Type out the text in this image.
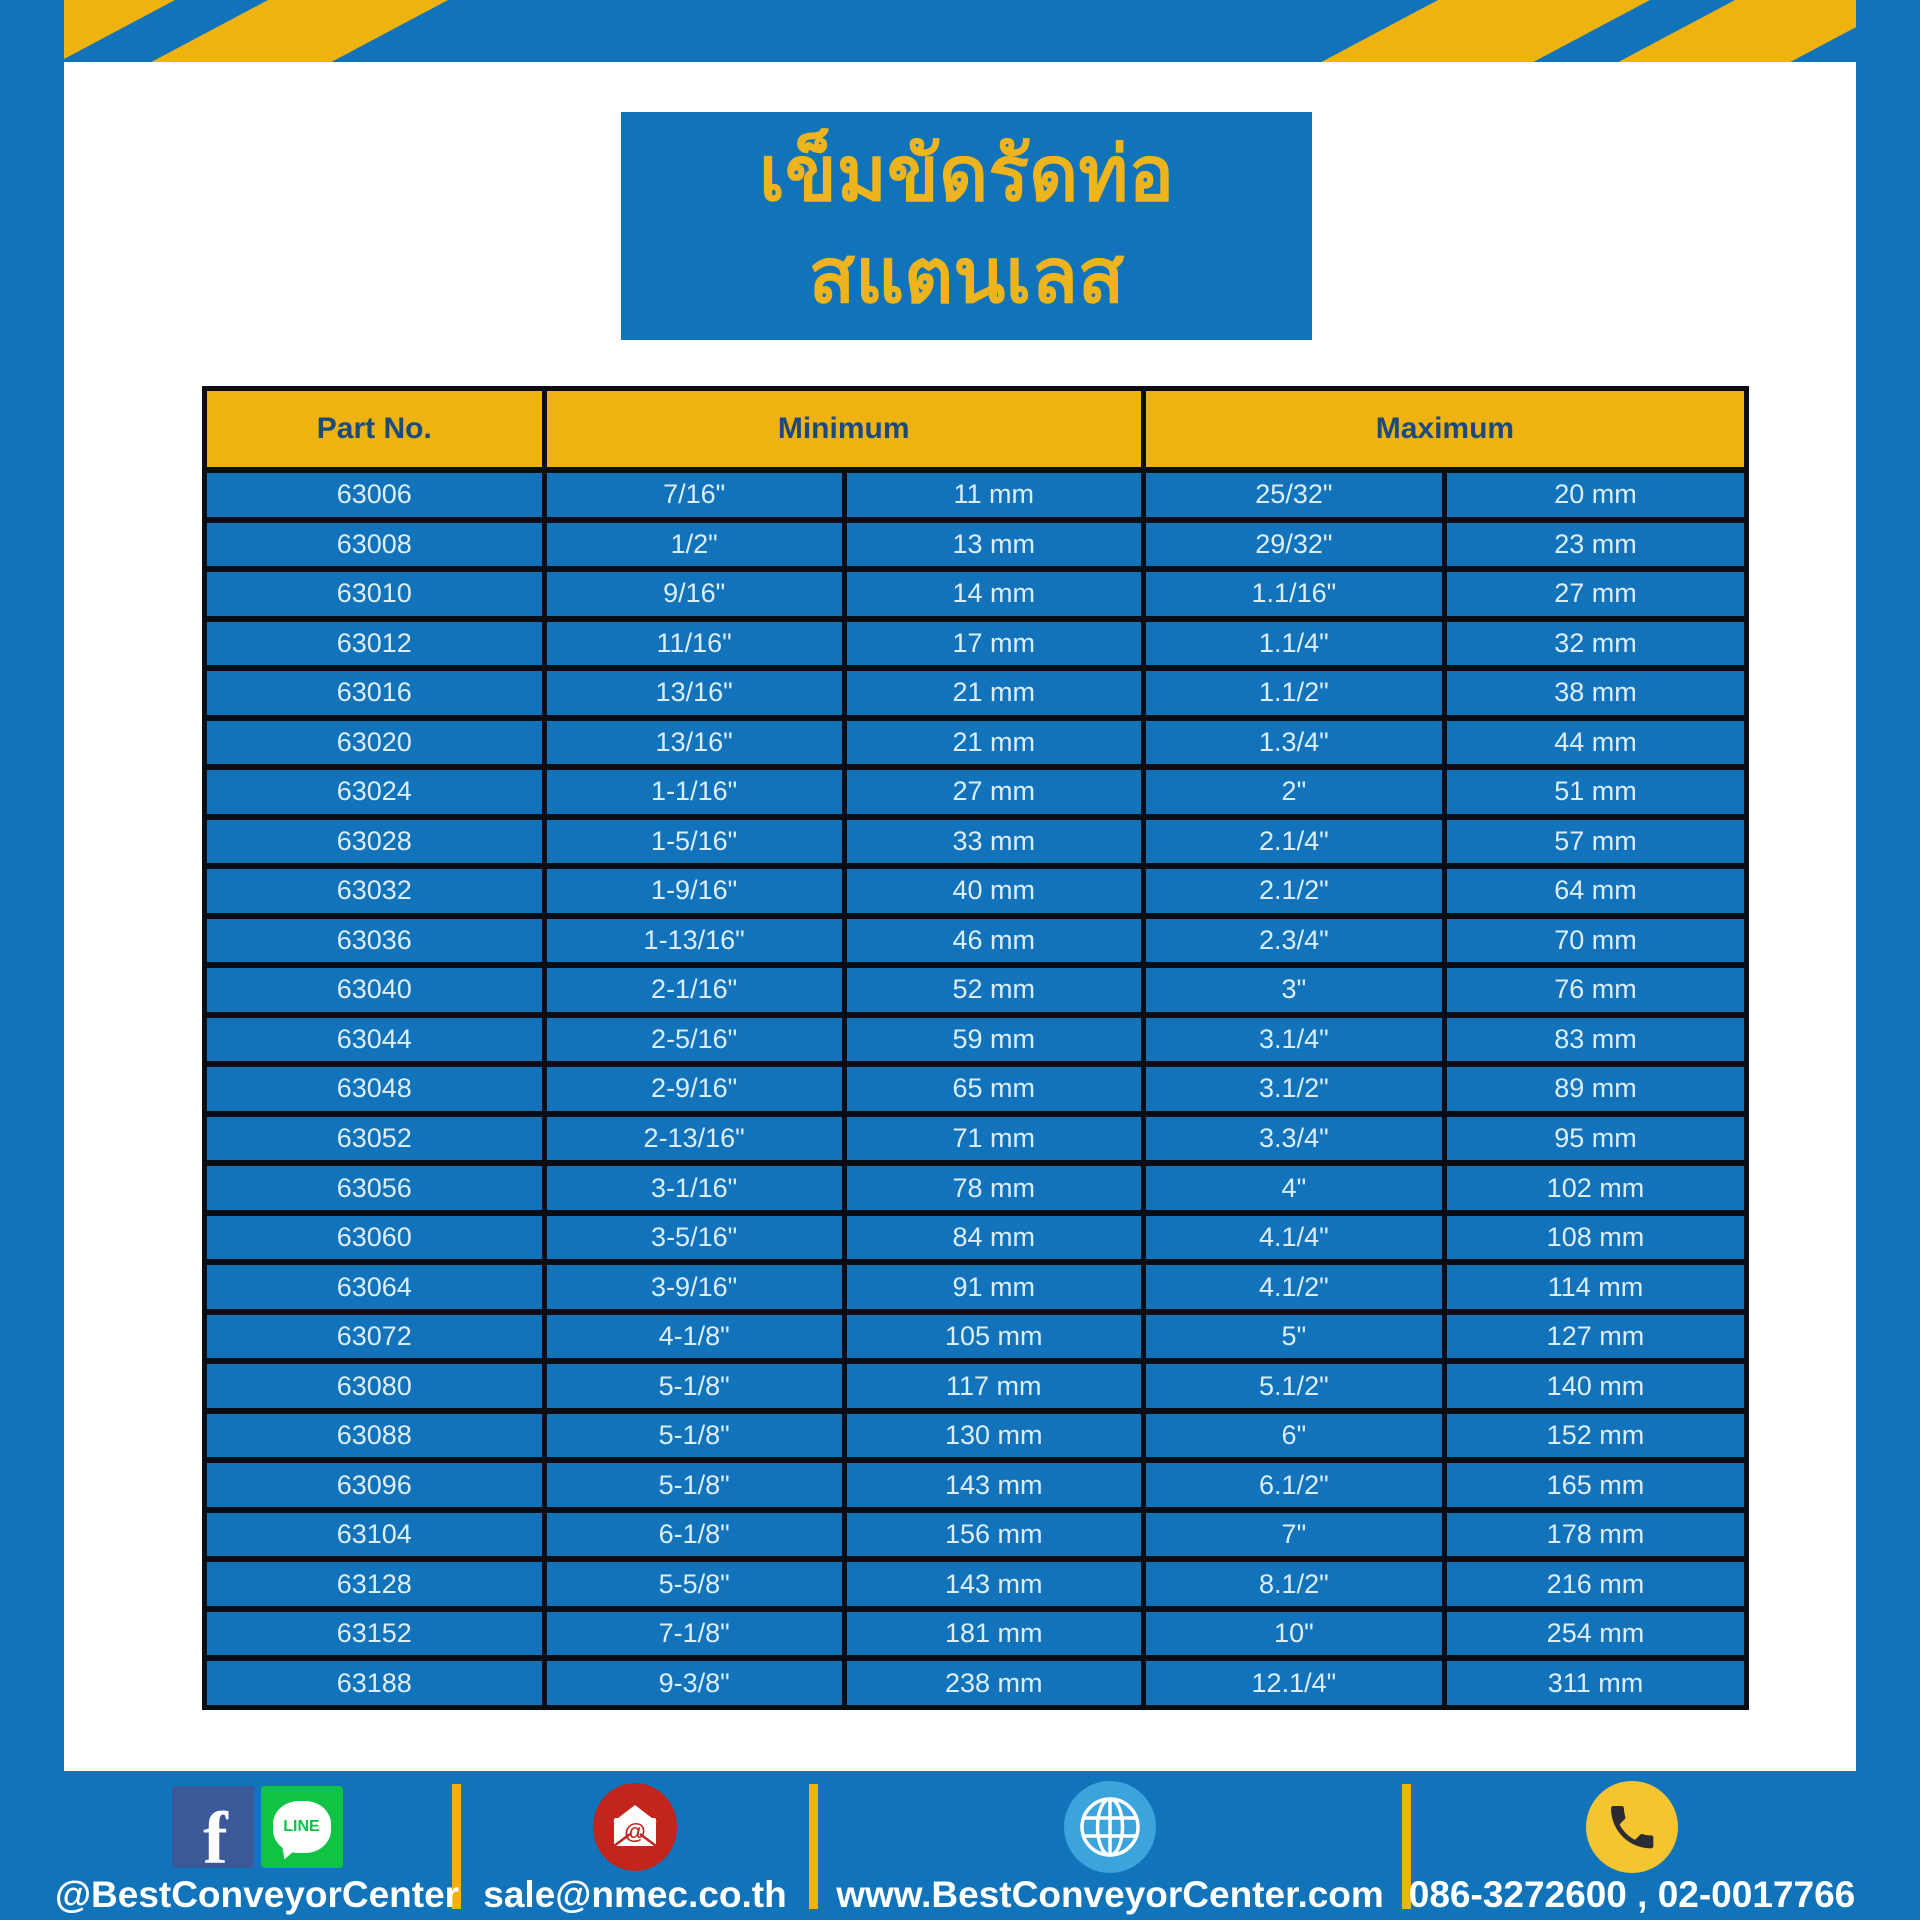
เข็มขัดรัดท่อ
สแตนเลส
Part No.	Minimum	Maximum
63006	7/16"	11 mm	25/32"	20 mm
63008	1/2"	13 mm	29/32"	23 mm
63010	9/16"	14 mm	1.1/16"	27 mm
63012	11/16"	17 mm	1.1/4"	32 mm
63016	13/16"	21 mm	1.1/2"	38 mm
63020	13/16"	21 mm	1.3/4"	44 mm
63024	1-1/16"	27 mm	2"	51 mm
63028	1-5/16"	33 mm	2.1/4"	57 mm
63032	1-9/16"	40 mm	2.1/2"	64 mm
63036	1-13/16"	46 mm	2.3/4"	70 mm
63040	2-1/16"	52 mm	3"	76 mm
63044	2-5/16"	59 mm	3.1/4"	83 mm
63048	2-9/16"	65 mm	3.1/2"	89 mm
63052	2-13/16"	71 mm	3.3/4"	95 mm
63056	3-1/16"	78 mm	4"	102 mm
63060	3-5/16"	84 mm	4.1/4"	108 mm
63064	3-9/16"	91 mm	4.1/2"	114 mm
63072	4-1/8"	105 mm	5"	127 mm
63080	5-1/8"	117 mm	5.1/2"	140 mm
63088	5-1/8"	130 mm	6"	152 mm
63096	5-1/8"	143 mm	6.1/2"	165 mm
63104	6-1/8"	156 mm	7"	178 mm
63128	5-5/8"	143 mm	8.1/2"	216 mm
63152	7-1/8"	181 mm	10"	254 mm
63188	9-3/8"	238 mm	12.1/4"	311 mm
f	LINE
@BestConveyorCenter
@
sale@nmec.co.th www.BestConveyorCenter.com 086-3272600 , 02-0017766
